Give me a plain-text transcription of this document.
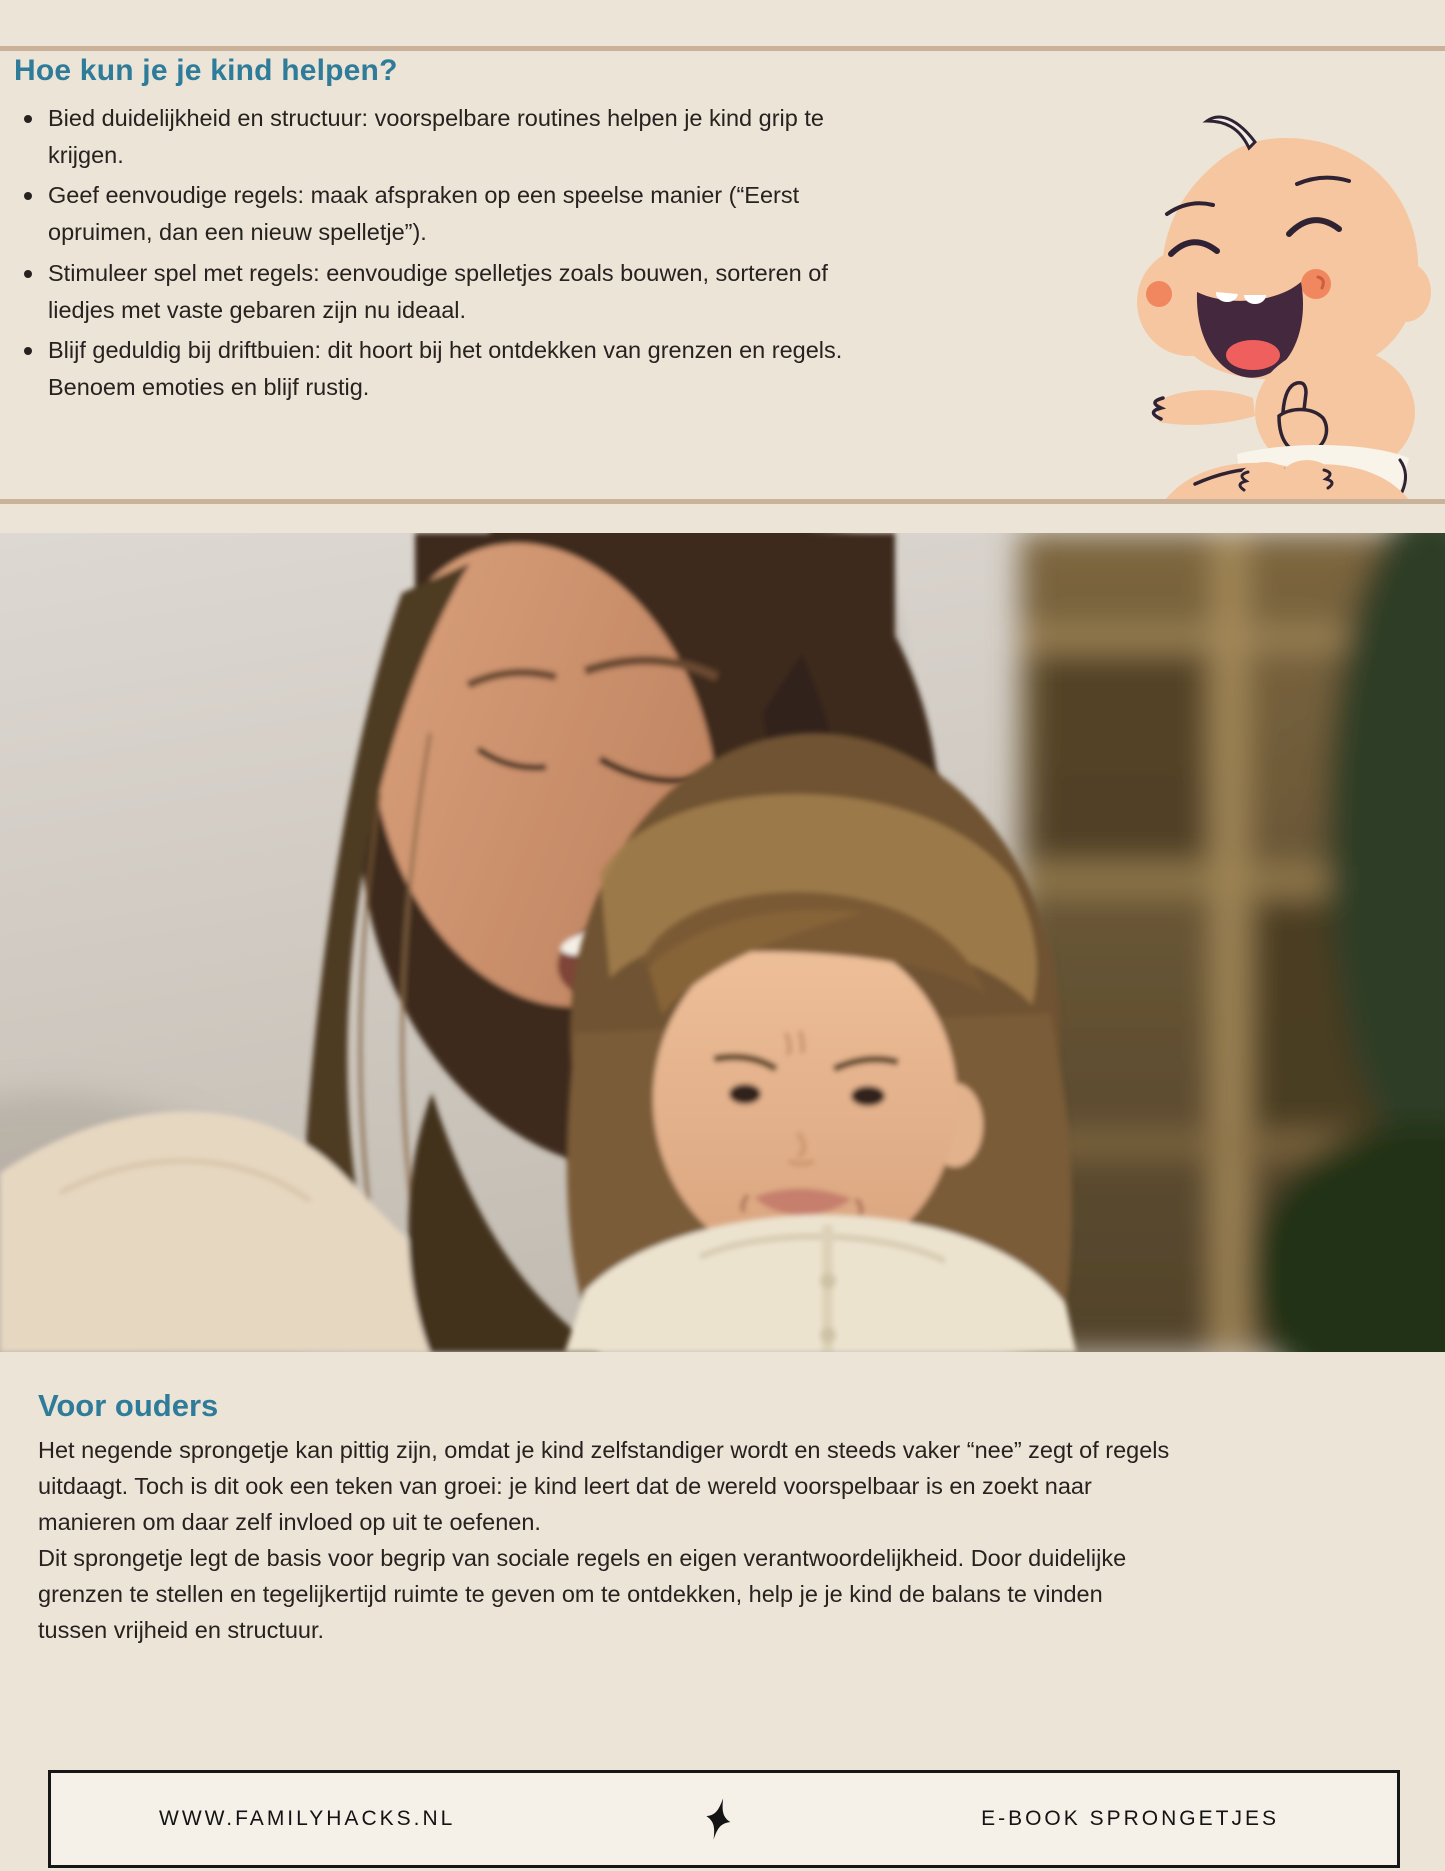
Hoe kun je je kind helpen?
Bied duidelijkheid en structuur: voorspelbare routines helpen je kind grip te krijgen.
Geef eenvoudige regels: maak afspraken op een speelse manier (“Eerst opruimen, dan een nieuw spelletje”).
Stimuleer spel met regels: eenvoudige spelletjes zoals bouwen, sorteren of liedjes met vaste gebaren zijn nu ideaal.
Blijf geduldig bij driftbuien: dit hoort bij het ontdekken van grenzen en regels. Benoem emoties en blijf rustig.
Voor ouders

Het negende sprongetje kan pittig zijn, omdat je kind zelfstandiger wordt en steeds vaker “nee” zegt of regels uitdaagt. Toch is dit ook een teken van groei: je kind leert dat de wereld voorspelbaar is en zoekt naar manieren om daar zelf invloed op uit te oefenen.

Dit sprongetje legt de basis voor begrip van sociale regels en eigen verantwoordelijkheid. Door duidelijke grenzen te stellen en tegelijkertijd ruimte te geven om te ontdekken, help je je kind de balans te vinden tussen vrijheid en structuur.

WWW.FAMILYHACKS.NL	E-BOOK SPRONGETJES
